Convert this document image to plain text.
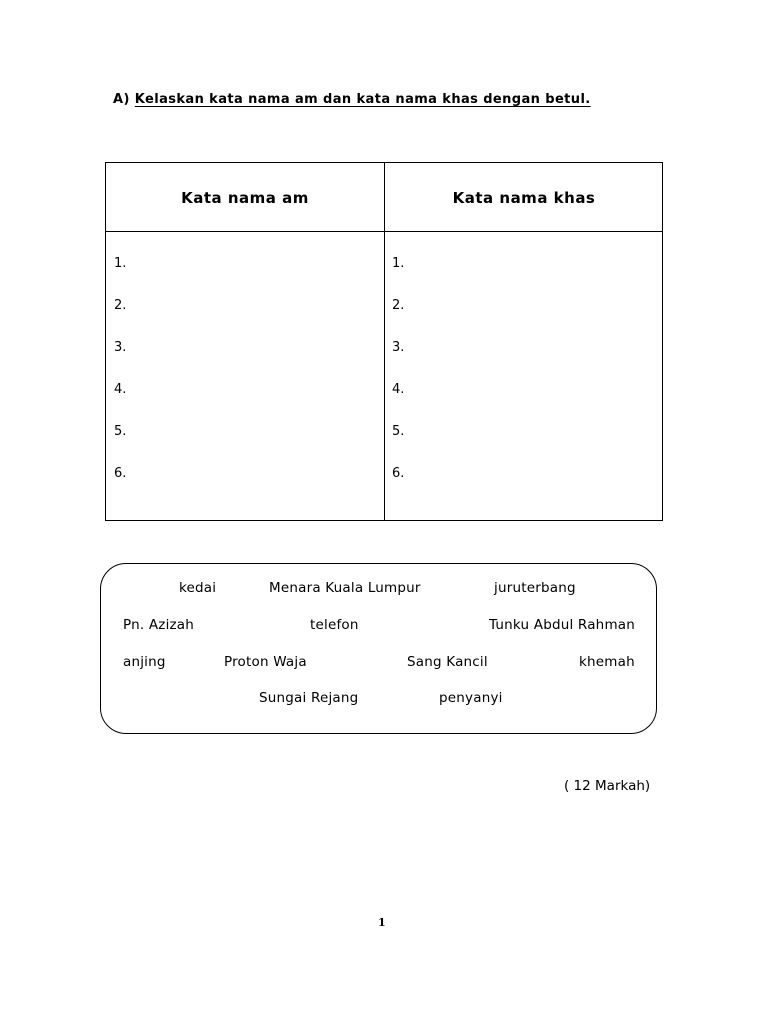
A) Kelaskan kata nama am dan kata nama khas dengan betul.
Kata nama am	Kata nama khas
1.
2.
3.
4.
5.
6.
1.
2.
3.
4.
5.
6.
kedai	Menara Kuala Lumpur	juruterbang
Pn. Azizah	telefon	Tunku Abdul Rahman
anjing	Proton Waja	Sang Kancil	khemah
Sungai Rejang	penyanyi
( 12 Markah)
1
